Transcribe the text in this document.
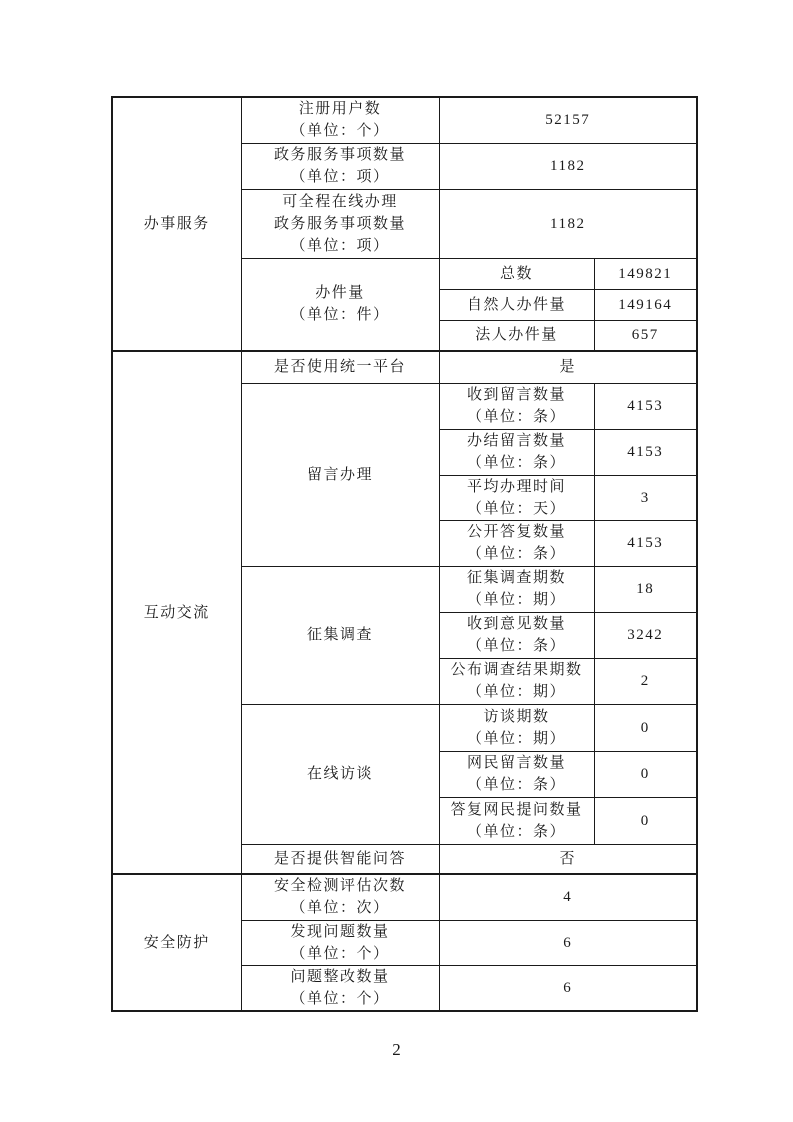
办事服务	注册用户数
（单位：个）	52157	

	政务服务事项数量
（单位：项）	1182	

	可全程在线办理
政务服务事项数量
（单位：项）	1182	

	办件量
（单位：件）	总数	149821
		自然人办件量	149164
		法人办件量	657
互动交流	是否使用统一平台	是	

	留言办理	收到留言数量
（单位：条）	4153

		办结留言数量
（单位：条）	4153

		平均办理时间
（单位：天）	3

		公开答复数量
（单位：条）	4153

	征集调查	征集调查期数
（单位：期）	18

		收到意见数量
（单位：条）	3242

		公布调查结果期数
（单位：期）	2

	在线访谈	访谈期数
（单位：期）	0

		网民留言数量
（单位：条）	0

		答复网民提问数量
（单位：条）	0

	是否提供智能问答	否	
安全防护	安全检测评估次数
（单位：次）	4	

	发现问题数量
（单位：个）	6	

	问题整改数量
（单位：个）	6	
2
